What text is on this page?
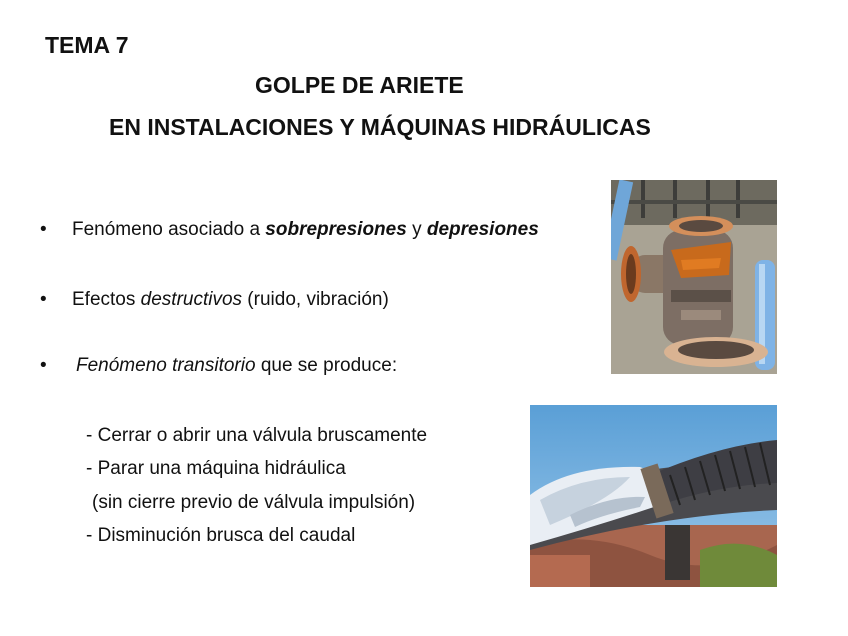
TEMA 7
GOLPE DE ARIETE
EN INSTALACIONES Y MÁQUINAS HIDRÁULICAS
• Fenómeno asociado a sobrepresiones y depresiones
• Efectos destructivos (ruido, vibración)
• Fenómeno transitorio que se produce:
- Cerrar o abrir una válvula bruscamente
- Parar una máquina hidráulica
(sin cierre previo de válvula impulsión)
- Disminución brusca del caudal
